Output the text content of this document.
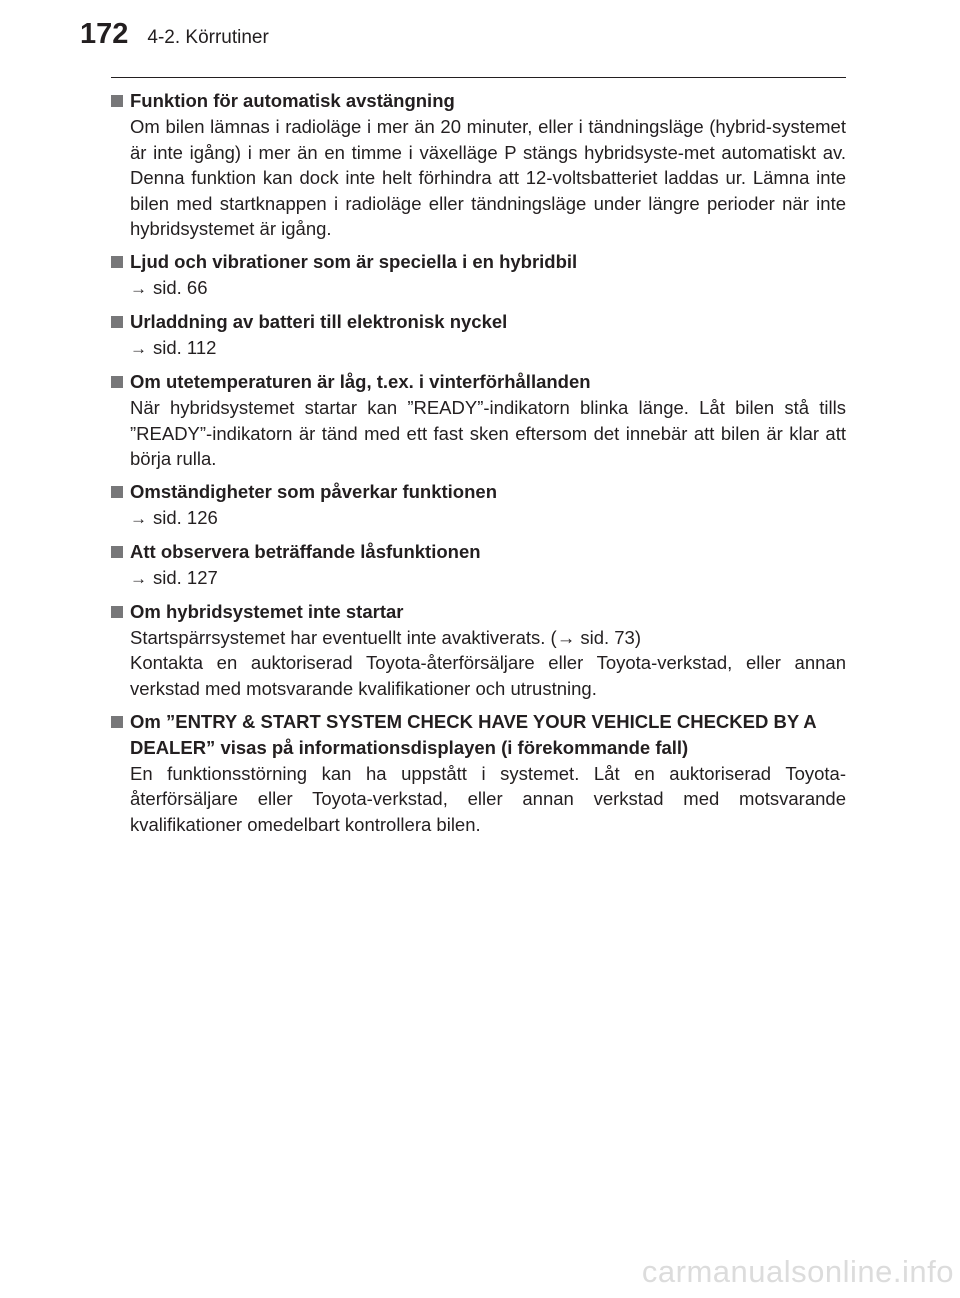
172 4-2. Körrutiner
Funktion för automatisk avstängning

Om bilen lämnas i radioläge i mer än 20 minuter, eller i tändningsläge (hybrid-systemet är inte igång) i mer än en timme i växelläge P stängs hybridsyste-met automatiskt av. Denna funktion kan dock inte helt förhindra att 12-voltsbatteriet laddas ur. Lämna inte bilen med startknappen i radioläge eller tändningsläge under längre perioder när inte hybridsystemet är igång.

Ljud och vibrationer som är speciella i en hybridbil
→ sid. 66
Urladdning av batteri till elektronisk nyckel
→ sid. 112
Om utetemperaturen är låg, t.ex. i vinterförhållanden

När hybridsystemet startar kan ”READY”-indikatorn blinka länge. Låt bilen stå tills ”READY”-indikatorn är tänd med ett fast sken eftersom det innebär att bilen är klar att börja rulla.

Omständigheter som påverkar funktionen
→ sid. 126
Att observera beträffande låsfunktionen
→ sid. 127
Om hybridsystemet inte startar

Startspärrsystemet har eventuellt inte avaktiverats. (→ sid. 73)

Kontakta en auktoriserad Toyota-återförsäljare eller Toyota-verkstad, eller annan verkstad med motsvarande kvalifikationer och utrustning.

Om ”ENTRY & START SYSTEM CHECK HAVE YOUR VEHICLE CHECKED BY A DEALER” visas på informationsdisplayen (i förekommande fall)

En funktionsstörning kan ha uppstått i systemet. Låt en auktoriserad Toyota-återförsäljare eller Toyota-verkstad, eller annan verkstad med motsvarande kvalifikationer omedelbart kontrollera bilen.

carmanualsonline.info
